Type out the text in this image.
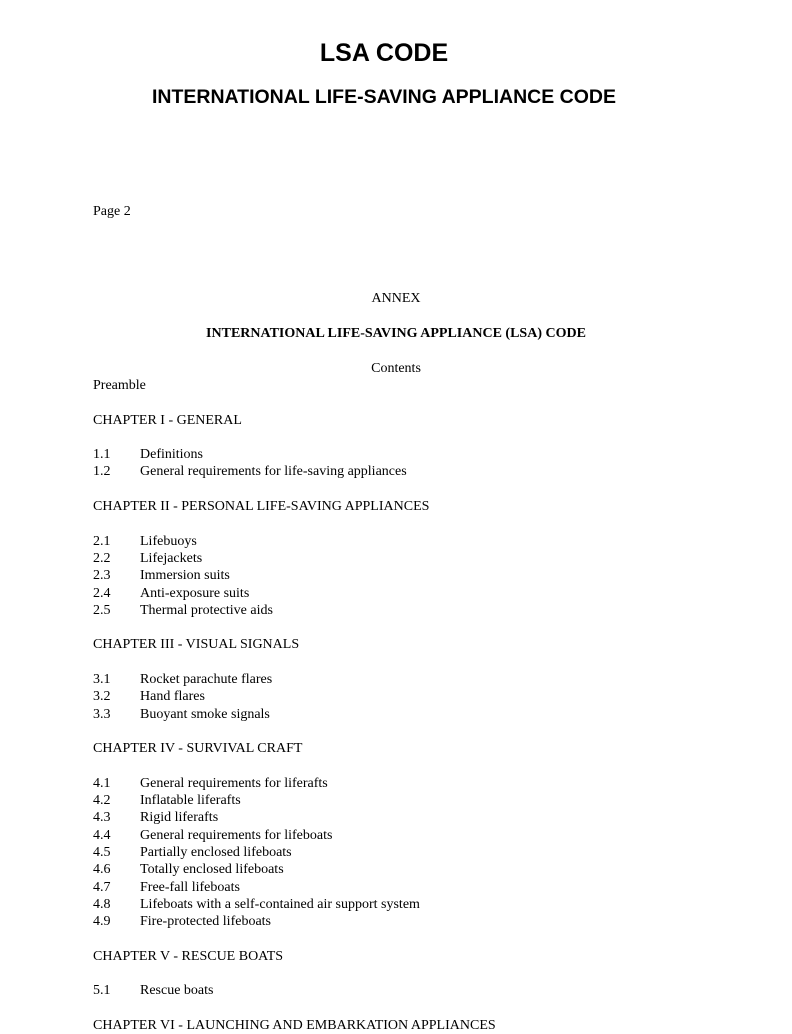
LSA CODE
INTERNATIONAL LIFE-SAVING APPLIANCE CODE
Page 2
ANNEX
INTERNATIONAL LIFE-SAVING APPLIANCE (LSA) CODE
Contents
Preamble
CHAPTER I - GENERAL
1.1	Definitions
1.2	General requirements for life-saving appliances
CHAPTER II - PERSONAL LIFE-SAVING APPLIANCES
2.1	Lifebuoys
2.2	Lifejackets
2.3	Immersion suits
2.4	Anti-exposure suits
2.5	Thermal protective aids
CHAPTER III - VISUAL SIGNALS
3.1	Rocket parachute flares
3.2	Hand flares
3.3	Buoyant smoke signals
CHAPTER IV - SURVIVAL CRAFT
4.1	General requirements for liferafts
4.2	Inflatable liferafts
4.3	Rigid liferafts
4.4	General requirements for lifeboats
4.5	Partially enclosed lifeboats
4.6	Totally enclosed lifeboats
4.7	Free-fall lifeboats
4.8	Lifeboats with a self-contained air support system
4.9	Fire-protected lifeboats
CHAPTER V - RESCUE BOATS
5.1	Rescue boats
CHAPTER VI - LAUNCHING AND EMBARKATION APPLIANCES
